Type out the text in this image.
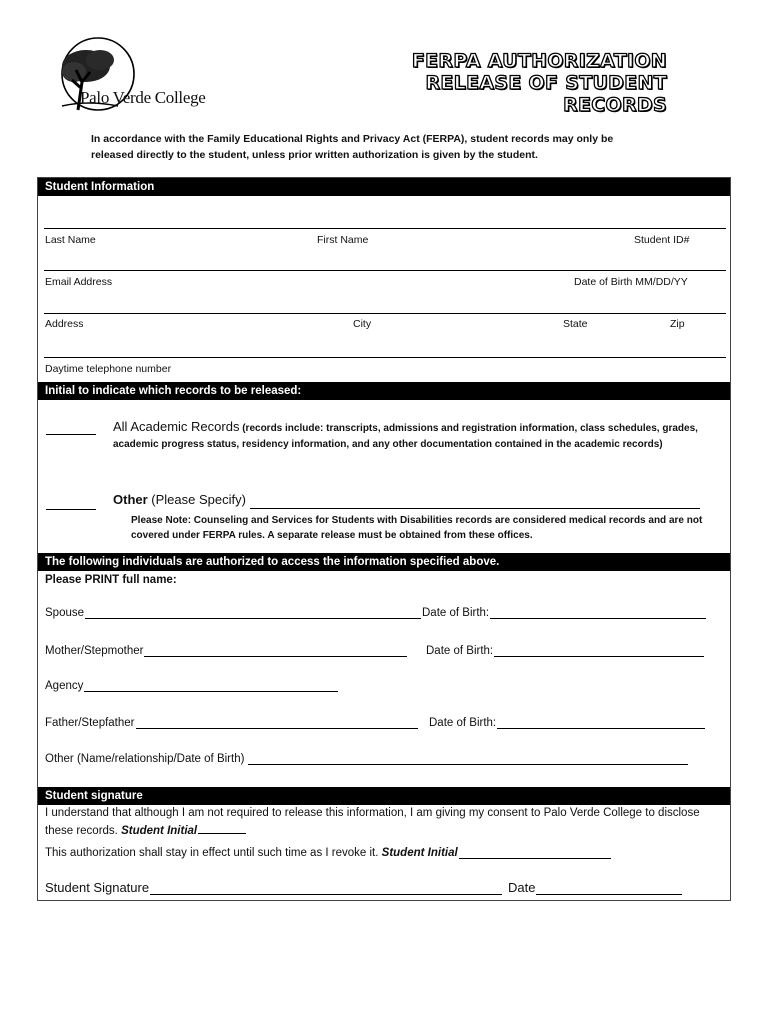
Palo Verde College
FERPA AUTHORIZATION
RELEASE OF STUDENT
RECORDS
In accordance with the Family Educational Rights and Privacy Act (FERPA), student records may only be released directly to the student, unless prior written authorization is given by the student.
Student Information
Last Name	First Name	Student ID#
Email Address	Date of Birth MM/DD/YY
Address	City	State	Zip
Daytime telephone number
Initial to indicate which records to be released:
All Academic Records (records include: transcripts, admissions and registration information, class schedules, grades, academic progress status, residency information, and any other documentation contained in the academic records)
Other (Please Specify)
Please Note: Counseling and Services for Students with Disabilities records are considered medical records and are not covered under FERPA rules. A separate release must be obtained from these offices.
The following individuals are authorized to access the information specified above.
Please PRINT full name:
Spouse	Date of Birth:
Mother/Stepmother	Date of Birth:
Agency
Father/Stepfather	Date of Birth:
Other (Name/relationship/Date of Birth)
Student signature
I understand that although I am not required to release this information, I am giving my consent to Palo Verde College to disclose these records. Student Initial
This authorization shall stay in effect until such time as I revoke it.
Student Initial
Student Signature	Date
